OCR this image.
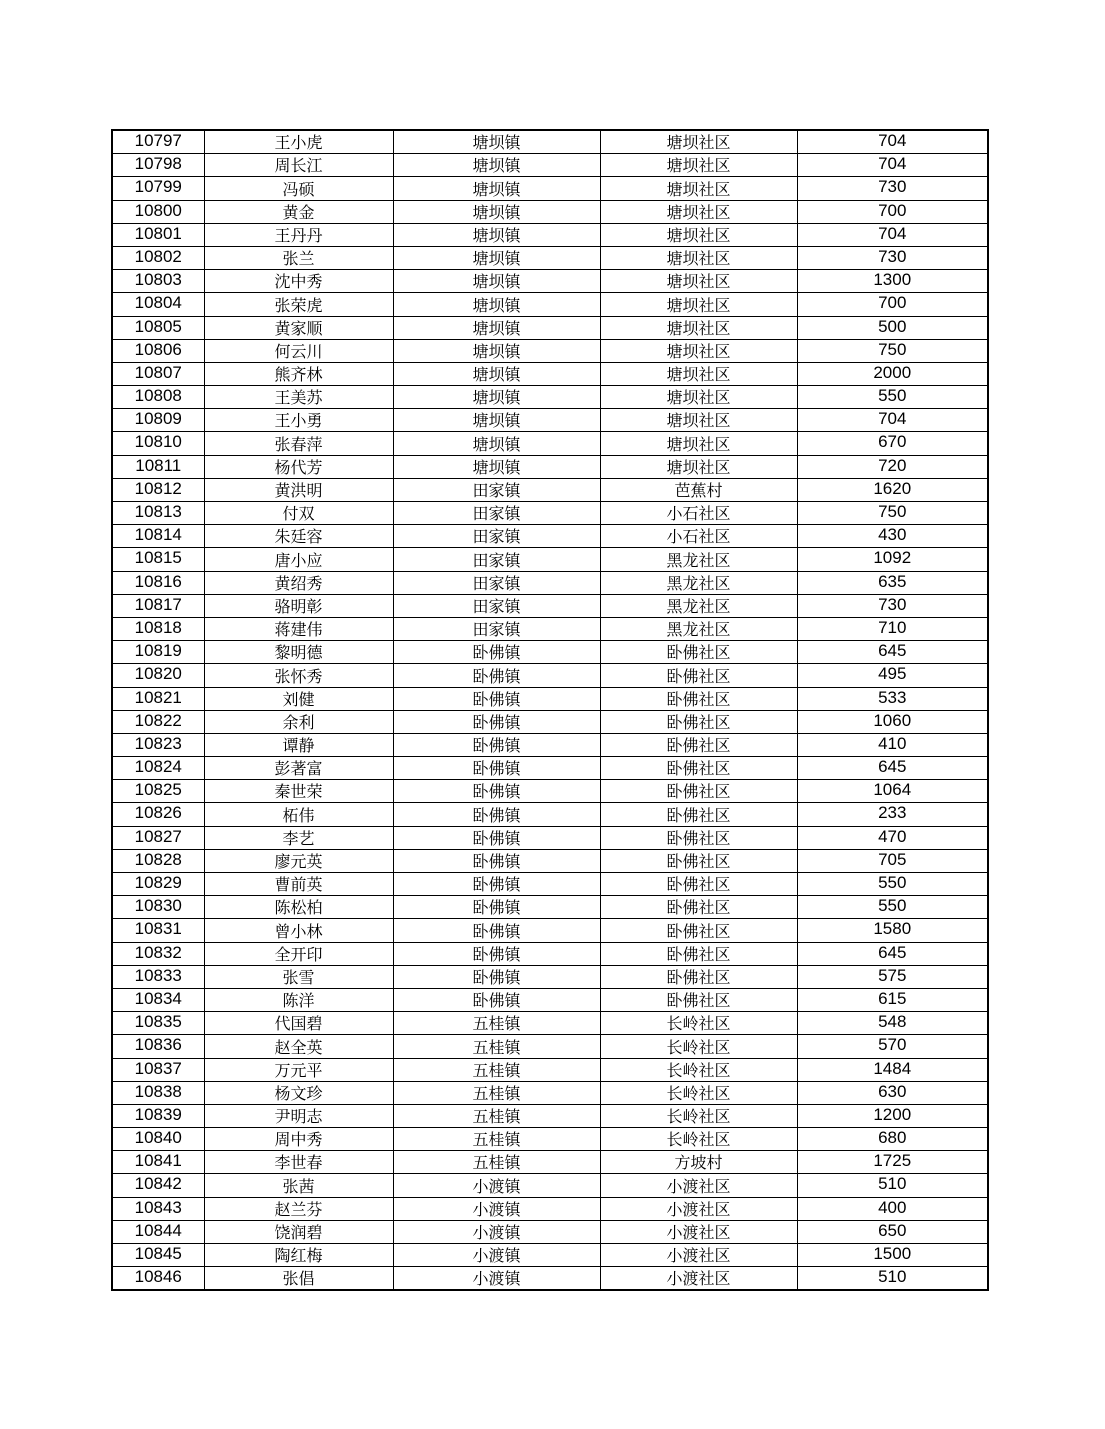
10797	王小虎	塘坝镇	塘坝社区	704
10798	周长江	塘坝镇	塘坝社区	704
10799	冯硕	塘坝镇	塘坝社区	730
10800	黄金	塘坝镇	塘坝社区	700
10801	王丹丹	塘坝镇	塘坝社区	704
10802	张兰	塘坝镇	塘坝社区	730
10803	沈中秀	塘坝镇	塘坝社区	1300
10804	张荣虎	塘坝镇	塘坝社区	700
10805	黄家顺	塘坝镇	塘坝社区	500
10806	何云川	塘坝镇	塘坝社区	750
10807	熊齐林	塘坝镇	塘坝社区	2000
10808	王美苏	塘坝镇	塘坝社区	550
10809	王小勇	塘坝镇	塘坝社区	704
10810	张春萍	塘坝镇	塘坝社区	670
10811	杨代芳	塘坝镇	塘坝社区	720
10812	黄洪明	田家镇	芭蕉村	1620
10813	付双	田家镇	小石社区	750
10814	朱廷容	田家镇	小石社区	430
10815	唐小应	田家镇	黑龙社区	1092
10816	黄绍秀	田家镇	黑龙社区	635
10817	骆明彰	田家镇	黑龙社区	730
10818	蒋建伟	田家镇	黑龙社区	710
10819	黎明德	卧佛镇	卧佛社区	645
10820	张怀秀	卧佛镇	卧佛社区	495
10821	刘健	卧佛镇	卧佛社区	533
10822	余利	卧佛镇	卧佛社区	1060
10823	谭静	卧佛镇	卧佛社区	410
10824	彭著富	卧佛镇	卧佛社区	645
10825	秦世荣	卧佛镇	卧佛社区	1064
10826	柘伟	卧佛镇	卧佛社区	233
10827	李艺	卧佛镇	卧佛社区	470
10828	廖元英	卧佛镇	卧佛社区	705
10829	曹前英	卧佛镇	卧佛社区	550
10830	陈松柏	卧佛镇	卧佛社区	550
10831	曾小林	卧佛镇	卧佛社区	1580
10832	全开印	卧佛镇	卧佛社区	645
10833	张雪	卧佛镇	卧佛社区	575
10834	陈洋	卧佛镇	卧佛社区	615
10835	代国碧	五桂镇	长岭社区	548
10836	赵全英	五桂镇	长岭社区	570
10837	万元平	五桂镇	长岭社区	1484
10838	杨文珍	五桂镇	长岭社区	630
10839	尹明志	五桂镇	长岭社区	1200
10840	周中秀	五桂镇	长岭社区	680
10841	李世春	五桂镇	方坡村	1725
10842	张茜	小渡镇	小渡社区	510
10843	赵兰芬	小渡镇	小渡社区	400
10844	饶润碧	小渡镇	小渡社区	650
10845	陶红梅	小渡镇	小渡社区	1500
10846	张倡	小渡镇	小渡社区	510
